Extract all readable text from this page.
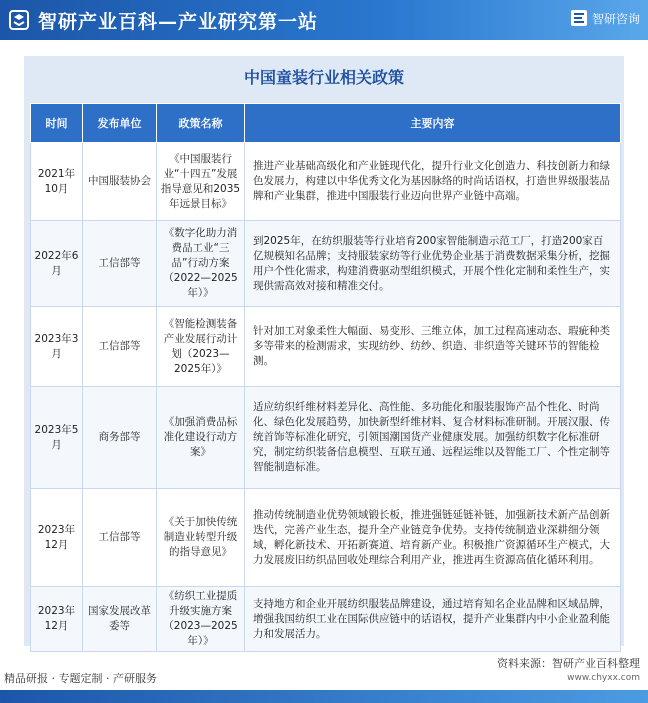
智研产业百科—产业研究第一站	智研咨询
中国童装行业相关政策
时间	发布单位	政策名称	主要内容
2021年10月	中国服装协会	《中国服装行业“十四五”发展指导意见和2035年远景目标》	推进产业基础高级化和产业链现代化，提升行业文化创造力、科技创新力和绿色发展力，构建以中华优秀文化为基因脉络的时尚话语权，打造世界级服装品牌和产业集群，推进中国服装行业迈向世界产业链中高端。
2022年6月	工信部等	《数字化助力消费品工业“三品”行动方案（2022—2025年）》	到2025年，在纺织服装等行业培育200家智能制造示范工厂，打造200家百亿规模知名品牌；支持服装家纺等行业优势企业基于消费数据采集分析，挖掘用户个性化需求，构建消费驱动型组织模式，开展个性化定制和柔性生产，实现供需高效对接和精准交付。
2023年3月	工信部等	《智能检测装备产业发展行动计划（2023—2025年）》	针对加工对象柔性大幅面、易变形、三维立体，加工过程高速动态、瑕疵种类多等带来的检测需求，实现纺纱、纺纱、织造、非织造等关键环节的智能检测。
2023年5月	商务部等	《加强消费品标准化建设行动方案》	适应纺织纤维材料差异化、高性能、多功能化和服装服饰产品个性化、时尚化、绿色化发展趋势，加快新型纤维材料、复合材料标准研制。开展汉服、传统首饰等标准化研究，引领国潮国货产业健康发展。加强纺织数字化标准研究，制定纺织装备信息模型、互联互通、远程运维以及智能工厂、个性定制等智能制造标准。
2023年12月	工信部等	《关于加快传统制造业转型升级的指导意见》	推动传统制造业优势领域锻长板，推进强链延链补链，加强新技术新产品创新迭代，完善产业生态，提升全产业链竞争优势。支持传统制造业深耕细分领域，孵化新技术、开拓新赛道、培育新产业。积极推广资源循环生产模式，大力发展废旧纺织品回收处理综合利用产业，推进再生资源高值化循环利用。
2023年12月	国家发展改革委等	《纺织工业提质升级实施方案（2023—2025年）》	支持地方和企业开展纺织服装品牌建设，通过培育知名企业品牌和区域品牌，增强我国纺织工业在国际供应链中的话语权，提升产业集群内中小企业盈利能力和发展活力。
资料来源：智研产业百科整理
精品研报 · 专题定制 · 产研服务	www.chyxx.com
